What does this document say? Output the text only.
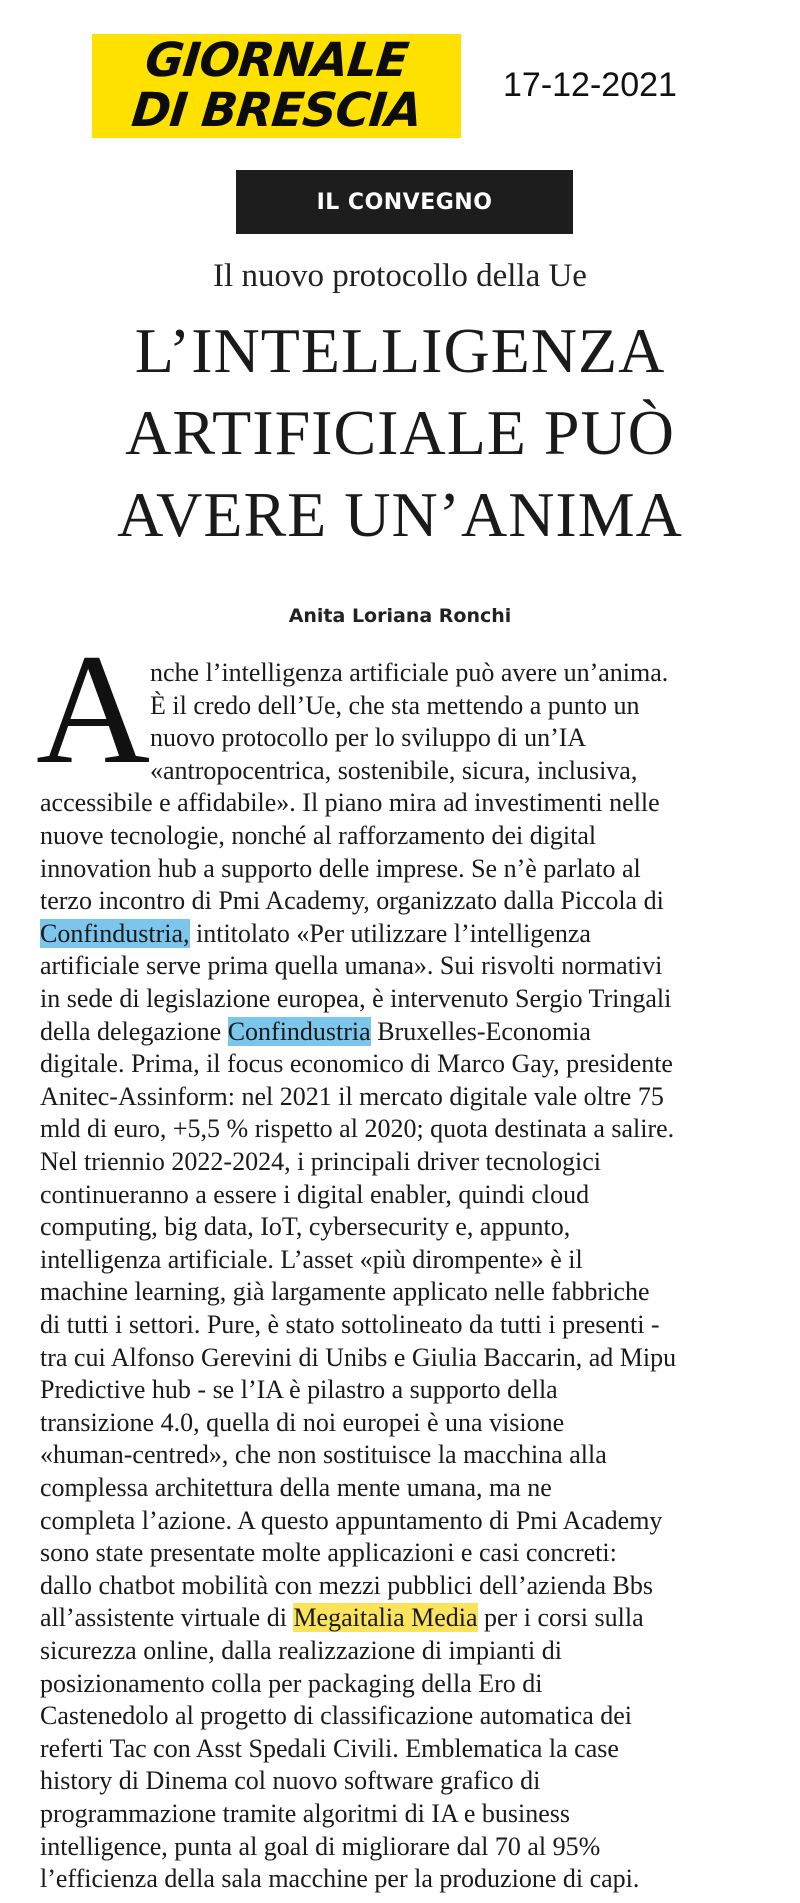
GIORNALE
DI BRESCIA	17-12-2021
IL CONVEGNO
Il nuovo protocollo della Ue
L’INTELLIGENZA
ARTIFICIALE PUÒ
AVERE UN’ANIMA
Anita Loriana Ronchi
A nche l’intelligenza artificiale può avere un’anima.
È il credo dell’Ue, che sta mettendo a punto un
nuovo protocollo per lo sviluppo di un’IA
«antropocentrica, sostenibile, sicura, inclusiva,
accessibile e affidabile». Il piano mira ad investimenti nelle
nuove tecnologie, nonché al rafforzamento dei digital
innovation hub a supporto delle imprese. Se n’è parlato al
terzo incontro di Pmi Academy, organizzato dalla Piccola di
Confindustria, intitolato «Per utilizzare l’intelligenza
artificiale serve prima quella umana». Sui risvolti normativi
in sede di legislazione europea, è intervenuto Sergio Tringali
della delegazione Confindustria Bruxelles-Economia
digitale. Prima, il focus economico di Marco Gay, presidente
Anitec-Assinform: nel 2021 il mercato digitale vale oltre 75
mld di euro, +5,5 % rispetto al 2020; quota destinata a salire.
Nel triennio 2022-2024, i principali driver tecnologici
continueranno a essere i digital enabler, quindi cloud
computing, big data, IoT, cybersecurity e, appunto,
intelligenza artificiale. L’asset «più dirompente» è il
machine learning, già largamente applicato nelle fabbriche
di tutti i settori. Pure, è stato sottolineato da tutti i presenti -
tra cui Alfonso Gerevini di Unibs e Giulia Baccarin, ad Mipu
Predictive hub - se l’IA è pilastro a supporto della
transizione 4.0, quella di noi europei è una visione
«human-centred», che non sostituisce la macchina alla
complessa architettura della mente umana, ma ne
completa l’azione. A questo appuntamento di Pmi Academy
sono state presentate molte applicazioni e casi concreti:
dallo chatbot mobilità con mezzi pubblici dell’azienda Bbs
all’assistente virtuale di Megaitalia Media per i corsi sulla
sicurezza online, dalla realizzazione di impianti di
posizionamento colla per packaging della Ero di
Castenedolo al progetto di classificazione automatica dei
referti Tac con Asst Spedali Civili. Emblematica la case
history di Dinema col nuovo software grafico di
programmazione tramite algoritmi di IA e business
intelligence, punta al goal di migliorare dal 70 al 95%
l’efficienza della sala macchine per la produzione di capi.
